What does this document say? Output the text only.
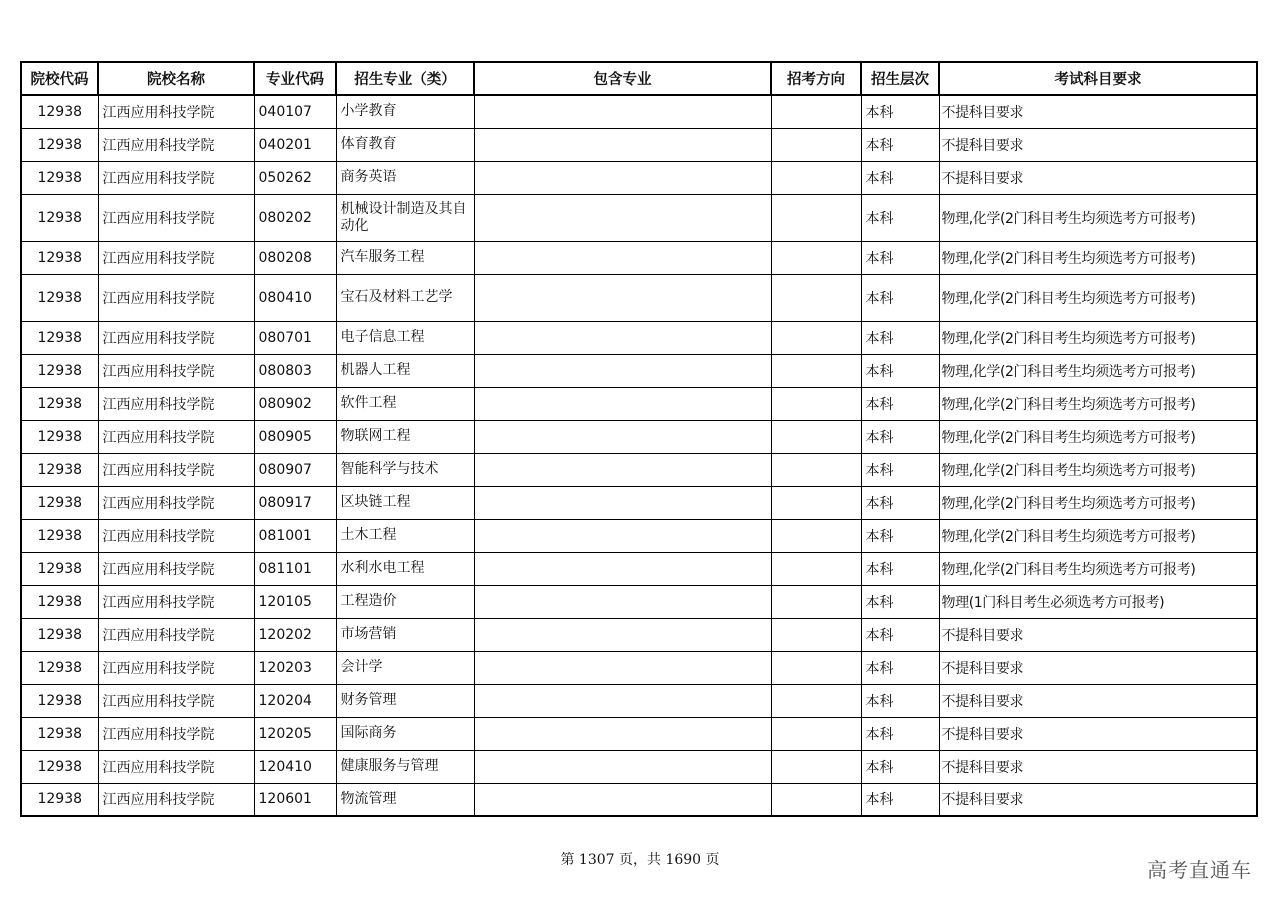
院校代码	院校名称	专业代码	招生专业（类）	包含专业	招考方向	招生层次	考试科目要求
12938	江西应用科技学院	040107	小学教育			本科	不提科目要求
12938	江西应用科技学院	040201	体育教育			本科	不提科目要求
12938	江西应用科技学院	050262	商务英语			本科	不提科目要求
12938	江西应用科技学院	080202	机械设计制造及其自动化			本科	物理,化学(2门科目考生均须选考方可报考)
12938	江西应用科技学院	080208	汽车服务工程			本科	物理,化学(2门科目考生均须选考方可报考)
12938	江西应用科技学院	080410	宝石及材料工艺学			本科	物理,化学(2门科目考生均须选考方可报考)
12938	江西应用科技学院	080701	电子信息工程			本科	物理,化学(2门科目考生均须选考方可报考)
12938	江西应用科技学院	080803	机器人工程			本科	物理,化学(2门科目考生均须选考方可报考)
12938	江西应用科技学院	080902	软件工程			本科	物理,化学(2门科目考生均须选考方可报考)
12938	江西应用科技学院	080905	物联网工程			本科	物理,化学(2门科目考生均须选考方可报考)
12938	江西应用科技学院	080907	智能科学与技术			本科	物理,化学(2门科目考生均须选考方可报考)
12938	江西应用科技学院	080917	区块链工程			本科	物理,化学(2门科目考生均须选考方可报考)
12938	江西应用科技学院	081001	土木工程			本科	物理,化学(2门科目考生均须选考方可报考)
12938	江西应用科技学院	081101	水利水电工程			本科	物理,化学(2门科目考生均须选考方可报考)
12938	江西应用科技学院	120105	工程造价			本科	物理(1门科目考生必须选考方可报考)
12938	江西应用科技学院	120202	市场营销			本科	不提科目要求
12938	江西应用科技学院	120203	会计学			本科	不提科目要求
12938	江西应用科技学院	120204	财务管理			本科	不提科目要求
12938	江西应用科技学院	120205	国际商务			本科	不提科目要求
12938	江西应用科技学院	120410	健康服务与管理			本科	不提科目要求
12938	江西应用科技学院	120601	物流管理			本科	不提科目要求
第 1307 页，共 1690 页	高考直通车
